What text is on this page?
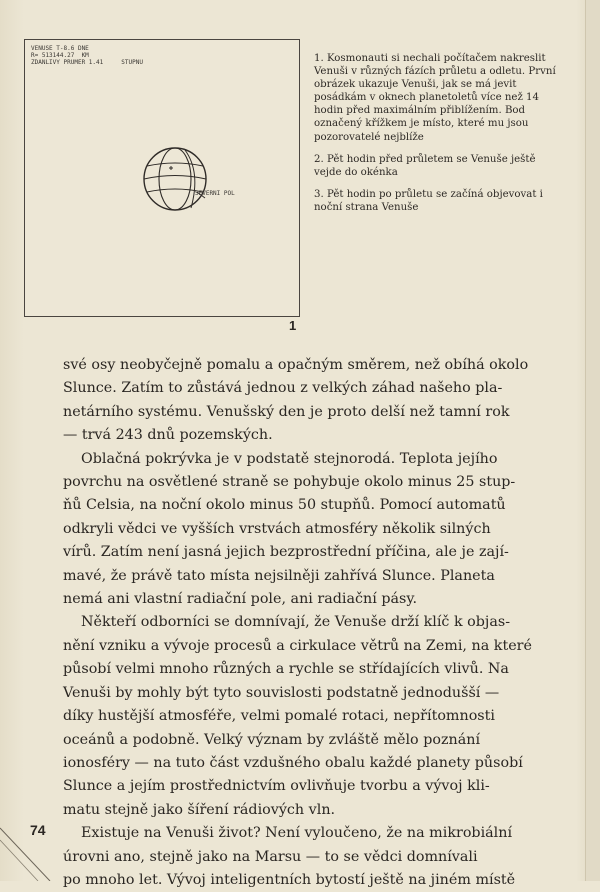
VENUSE T-8.6 DNE
R= 513144.27  KM
ZDANLIVY PRUMER 1.41     STUPNU
SEVERNI POL
1

1. Kosmonauti si nechali počítačem nakreslit Venuši v různých fázích průletu a odletu. První obrázek ukazuje Venuši, jak se má jevit posádkám v oknech planetoletů více než 14 hodin před maximálním přiblížením. Bod označený křížkem je místo, které mu jsou pozorovatelé nejblíže

2. Pět hodin před průletem se Venuše ještě vejde do okénka

3. Pět hodin po průletu se začíná objevovat i noční strana Venuše

své osy neobyčejně pomalu a opačným směrem, než obíhá okolo
Slunce. Zatím to zůstává jednou z velkých záhad našeho pla-
netárního systému. Venušský den je proto delší než tamní rok
— trvá 243 dnů pozemských.

Oblačná pokrývka je v podstatě stejnorodá. Teplota jejího
povrchu na osvětlené straně se pohybuje okolo minus 25 stup-
ňů Celsia, na noční okolo minus 50 stupňů. Pomocí automatů
odkryli vědci ve vyšších vrstvách atmosféry několik silných
vírů. Zatím není jasná jejich bezprostřední příčina, ale je zají-
mavé, že právě tato místa nejsilněji zahřívá Slunce. Planeta
nemá ani vlastní radiační pole, ani radiační pásy.

Někteří odborníci se domnívají, že Venuše drží klíč k objas-
nění vzniku a vývoje procesů a cirkulace větrů na Zemi, na které
působí velmi mnoho různých a rychle se střídajících vlivů. Na
Venuši by mohly být tyto souvislosti podstatně jednodušší —
díky hustější atmosféře, velmi pomalé rotaci, nepřítomnosti
oceánů a podobně. Velký význam by zvláště mělo poznání
ionosféry — na tuto část vzdušného obalu každé planety působí
Slunce a jejím prostřednictvím ovlivňuje tvorbu a vývoj kli-
matu stejně jako šíření rádiových vln.

Existuje na Venuši život? Není vyloučeno, že na mikrobiální
úrovni ano, stejně jako na Marsu — to se vědci domnívali
po mnoho let. Vývoj inteligentních bytostí ještě na jiném místě

74
